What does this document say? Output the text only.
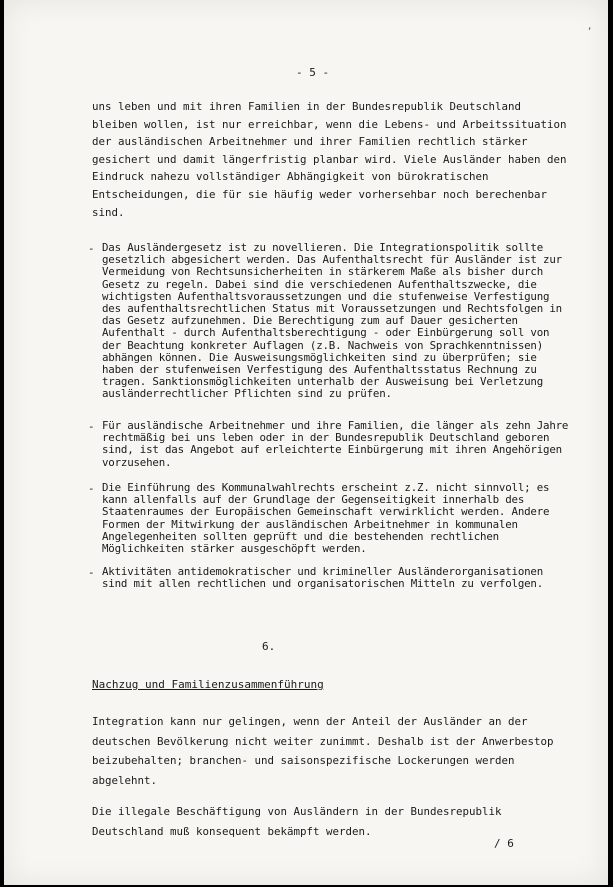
,

- 5 -

uns leben und mit ihren Familien in der Bundesrepublik Deutschland bleiben wollen, ist nur erreichbar, wenn die Lebens- und Arbeitssituation der ausländischen Arbeitnehmer und ihrer Familien rechtlich stärker gesichert und damit längerfristig planbar wird. Viele Ausländer haben den Eindruck nahezu vollständiger Abhängigkeit von bürokratischen Entscheidungen, die für sie häufig weder vorhersehbar noch berechenbar sind.

- Das Ausländergesetz ist zu novellieren. Die Integrationspolitik sollte gesetzlich abgesichert werden. Das Aufenthaltsrecht für Ausländer ist zur Vermeidung von Rechtsunsicherheiten in stärkerem Maße als bisher durch Gesetz zu regeln. Dabei sind die verschiedenen Aufenthaltszwecke, die wichtigsten Aufenthaltsvoraussetzungen und die stufenweise Verfestigung des aufenthaltsrechtlichen Status mit Voraussetzungen und Rechtsfolgen in das Gesetz aufzunehmen. Die Berechtigung zum auf Dauer gesicherten Aufenthalt - durch Aufenthaltsberechtigung - oder Einbürgerung soll von der Beachtung konkreter Auflagen (z.B. Nachweis von Sprachkenntnissen) abhängen können. Die Ausweisungsmöglichkeiten sind zu überprüfen; sie haben der stufenweisen Verfestigung des Aufenthaltsstatus Rechnung zu tragen. Sanktionsmöglichkeiten unterhalb der Ausweisung bei Verletzung ausländerrechtlicher Pflichten sind zu prüfen.

- Für ausländische Arbeitnehmer und ihre Familien, die länger als zehn Jahre rechtmäßig bei uns leben oder in der Bundesrepublik Deutschland geboren sind, ist das Angebot auf erleichterte Einbürgerung mit ihren Angehörigen vorzusehen.

- Die Einführung des Kommunalwahlrechts erscheint z.Z. nicht sinnvoll; es kann allenfalls auf der Grundlage der Gegenseitigkeit innerhalb des Staatenraumes der Europäischen Gemeinschaft verwirklicht werden. Andere Formen der Mitwirkung der ausländischen Arbeitnehmer in kommunalen Angelegenheiten sollten geprüft und die bestehenden rechtlichen Möglichkeiten stärker ausgeschöpft werden.

- Aktivitäten antidemokratischer und krimineller Ausländerorganisationen sind mit allen rechtlichen und organisatorischen Mitteln zu verfolgen.

6.

Nachzug und Familienzusammenführung

Integration kann nur gelingen, wenn der Anteil der Ausländer an der deutschen Bevölkerung nicht weiter zunimmt. Deshalb ist der Anwerbestop beizubehalten; branchen- und saisonspezifische Lockerungen werden abgelehnt.

Die illegale Beschäftigung von Ausländern in der Bundesrepublik Deutschland muß konsequent bekämpft werden.

/ 6
